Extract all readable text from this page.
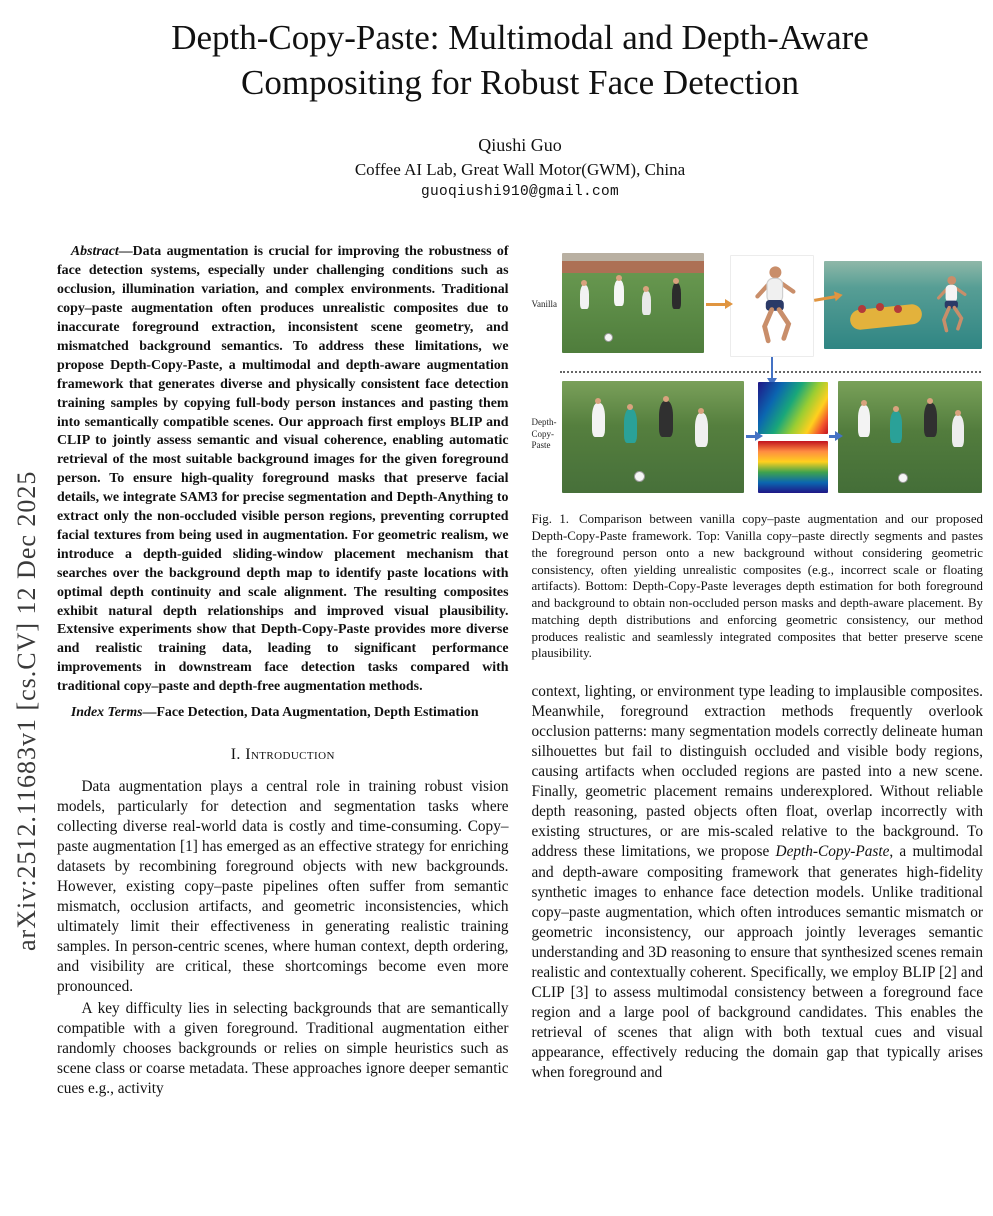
arXiv:2512.11683v1 [cs.CV] 12 Dec 2025
Depth-Copy-Paste: Multimodal and Depth-Aware Compositing for Robust Face Detection
Qiushi Guo
Coffee AI Lab, Great Wall Motor(GWM), China
guoqiushi910@gmail.com

Abstract—Data augmentation is crucial for improving the robustness of face detection systems, especially under challenging conditions such as occlusion, illumination variation, and complex environments. Traditional copy–paste augmentation often produces unrealistic composites due to inaccurate foreground extraction, inconsistent scene geometry, and mismatched background semantics. To address these limitations, we propose Depth-Copy-Paste, a multimodal and depth-aware augmentation framework that generates diverse and physically consistent face detection training samples by copying full-body person instances and pasting them into semantically compatible scenes. Our approach first employs BLIP and CLIP to jointly assess semantic and visual coherence, enabling automatic retrieval of the most suitable background images for the given foreground person. To ensure high-quality foreground masks that preserve facial details, we integrate SAM3 for precise segmentation and Depth-Anything to extract only the non-occluded visible person regions, preventing corrupted facial textures from being used in augmentation. For geometric realism, we introduce a depth-guided sliding-window placement mechanism that searches over the background depth map to identify paste locations with optimal depth continuity and scale alignment. The resulting composites exhibit natural depth relationships and improved visual plausibility. Extensive experiments show that Depth-Copy-Paste provides more diverse and realistic training data, leading to significant performance improvements in downstream face detection tasks compared with traditional copy–paste and depth-free augmentation methods.

Index Terms—Face Detection, Data Augmentation, Depth Estimation

I. Introduction

Data augmentation plays a central role in training robust vision models, particularly for detection and segmentation tasks where collecting diverse real-world data is costly and time-consuming. Copy–paste augmentation [1] has emerged as an effective strategy for enriching datasets by recombining foreground objects with new backgrounds. However, existing copy–paste pipelines often suffer from semantic mismatch, occlusion artifacts, and geometric inconsistencies, which ultimately limit their effectiveness in generating realistic training samples. In person-centric scenes, where human context, depth ordering, and visibility are critical, these shortcomings become even more pronounced.

A key difficulty lies in selecting backgrounds that are semantically compatible with a given foreground. Traditional augmentation either randomly chooses backgrounds or relies on simple heuristics such as scene class or coarse metadata. These approaches ignore deeper semantic cues e.g., activity

Vanilla
Depth-Copy-Paste

Fig. 1. Comparison between vanilla copy–paste augmentation and our proposed Depth-Copy-Paste framework. Top: Vanilla copy–paste directly segments and pastes the foreground person onto a new background without considering geometric consistency, often yielding unrealistic composites (e.g., incorrect scale or floating artifacts). Bottom: Depth-Copy-Paste leverages depth estimation for both foreground and background to obtain non-occluded person masks and depth-aware placement. By matching depth distributions and enforcing geometric consistency, our method produces realistic and seamlessly integrated composites that better preserve scene plausibility.

context, lighting, or environment type leading to implausible composites. Meanwhile, foreground extraction methods frequently overlook occlusion patterns: many segmentation models correctly delineate human silhouettes but fail to distinguish occluded and visible body regions, causing artifacts when occluded regions are pasted into a new scene. Finally, geometric placement remains underexplored. Without reliable depth reasoning, pasted objects often float, overlap incorrectly with existing structures, or are mis-scaled relative to the background. To address these limitations, we propose Depth-Copy-Paste, a multimodal and depth-aware compositing framework that generates high-fidelity synthetic images to enhance face detection models. Unlike traditional copy–paste augmentation, which often introduces semantic mismatch or geometric inconsistency, our approach jointly leverages semantic understanding and 3D reasoning to ensure that synthesized scenes remain realistic and contextually coherent. Specifically, we employ BLIP [2] and CLIP [3] to assess multimodal consistency between a foreground face region and a large pool of background candidates. This enables the retrieval of scenes that align with both textual cues and visual appearance, effectively reducing the domain gap that typically arises when foreground and
